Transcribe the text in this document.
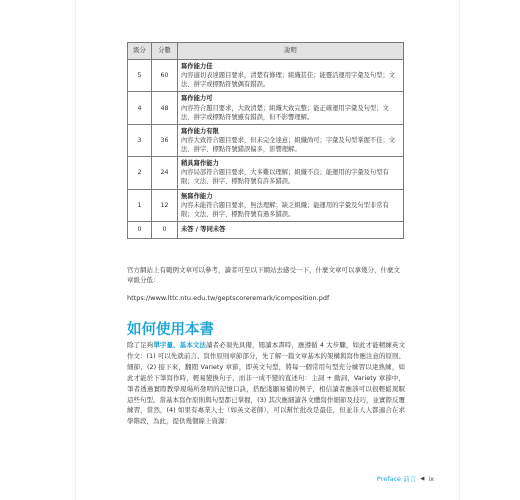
級分	分數	說明
5	60	寫作能力佳
內容適切表達題目要求，清楚有條理；組織甚佳；能靈活運用字彙及句型；文法、拼字或標點符號偶有錯誤。

4	48	寫作能力可
內容符合題目要求，大致清楚；組織大致完整；能正確運用字彙及句型；文法、拼字或標點符號雖有錯誤，但不影響理解。

3	36	寫作能力有限
內容大致符合題目要求，但未完全達意；組織尚可；字彙及句型掌握不佳；文法、拼字、標點符號錯誤偏多，影響理解。

2	24	稍具寫作能力
內容局部符合題目要求，大多難以理解；組織不良；能運用的字彙及句型有限；文法、拼字、標點符號有許多錯誤。

1	12	無寫作能力
內容未能符合題目要求，無法理解；缺乏組織；能運用的字彙及句型非常有限；文法、拼字、標點符號有過多錯誤。

0	0	未答 / 等同未答

官方網站上有範例文章可以參考，讀者可至以下網站去感受一下，什麼文章可以拿幾分，什麼文章級分低：

https://www.lttc.ntu.edu.tw/geptscoreremark/icomposition.pdf
如何使用本書

除了足夠單字量、基本文法讀者必須先具備，閱讀本書時，應遵循 4 大步驟，如此才能精練英文作文：(1) 可以先就前言、寫作原則章節部分，先了解一篇文章基本的架構與寫作應注意的原則、細節，(2) 接下來，翻閱 Variety 章節，即英文句型，將每一個常用句型充分練習以達熟練，如此才能於下筆寫作時，輕易變換句子，而非一成不變的直述句：主詞 + 動詞，Variety 章節中，筆者透過實際教學現場所發明的記憶口訣，搭配淺顯易懂的例子，相信讀者應該可以很輕鬆駕馭這些句型。當基本寫作原則與句型都已掌握，(3) 其次應細讀各文體寫作細節及技巧，並實際反覆練習，當然，(4) 如果有專業人士（如英文老師），可以幫忙批改是最佳，但並非人人都適合在求學階段，為此，提供幾個線上資源：

Preface 前言 ◀ ix
